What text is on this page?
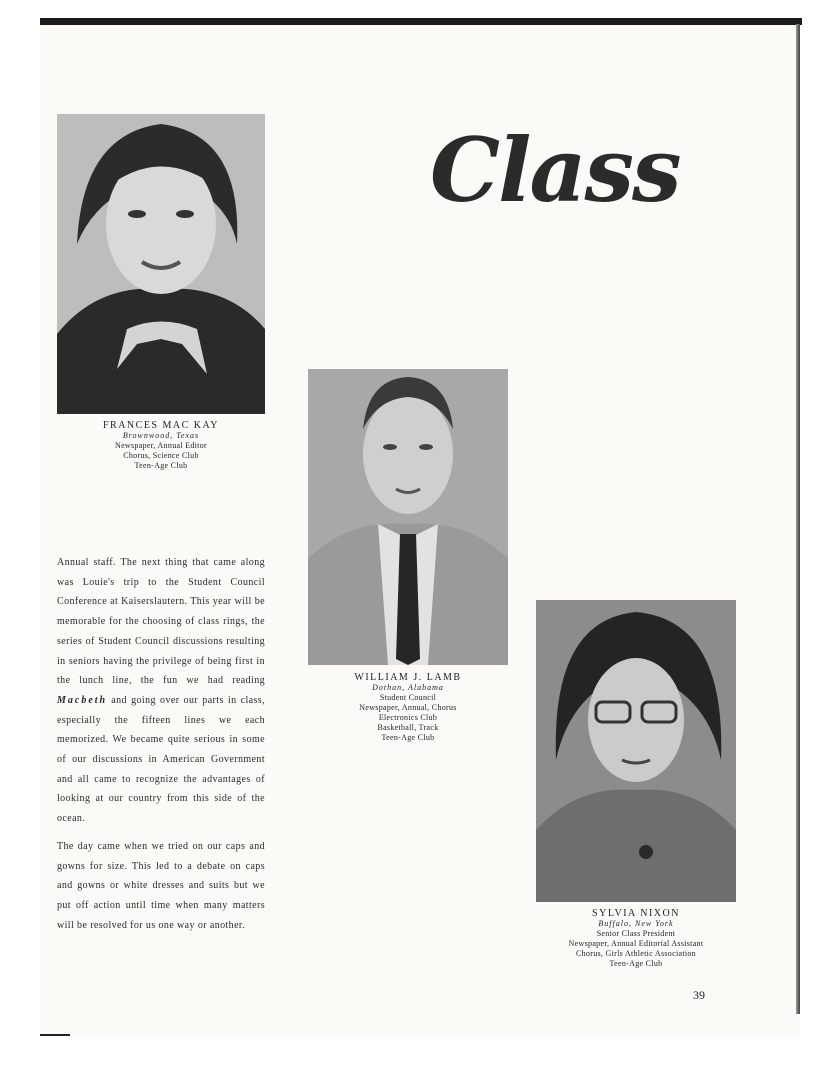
Class
FRANCES MAC KAY
Brownwood, Texas
Newspaper, Annual Editor
Chorus, Science Club
Teen-Age Club
WILLIAM J. LAMB
Dothan, Alabama
Student Council
Newspaper, Annual, Chorus
Electronics Club
Basketball, Track
Teen-Age Club
SYLVIA NIXON
Buffalo, New York
Senior Class President
Newspaper, Annual Editorial Assistant
Chorus, Girls Athletic Association
Teen-Age Club

Annual staff. The next thing that came along was Louie's trip to the Student Council Conference at Kaiserslautern. This year will be memorable for the choosing of class rings, the series of Student Council discussions resulting in seniors having the privilege of being first in the lunch line, the fun we had reading Macbeth and going over our parts in class, especially the fifteen lines we each memorized. We became quite serious in some of our discussions in American Government and all came to recognize the advantages of looking at our country from this side of the ocean.

The day came when we tried on our caps and gowns for size. This led to a debate on caps and gowns or white dresses and suits but we put off action until time when many matters will be resolved for us one way or another.

39
